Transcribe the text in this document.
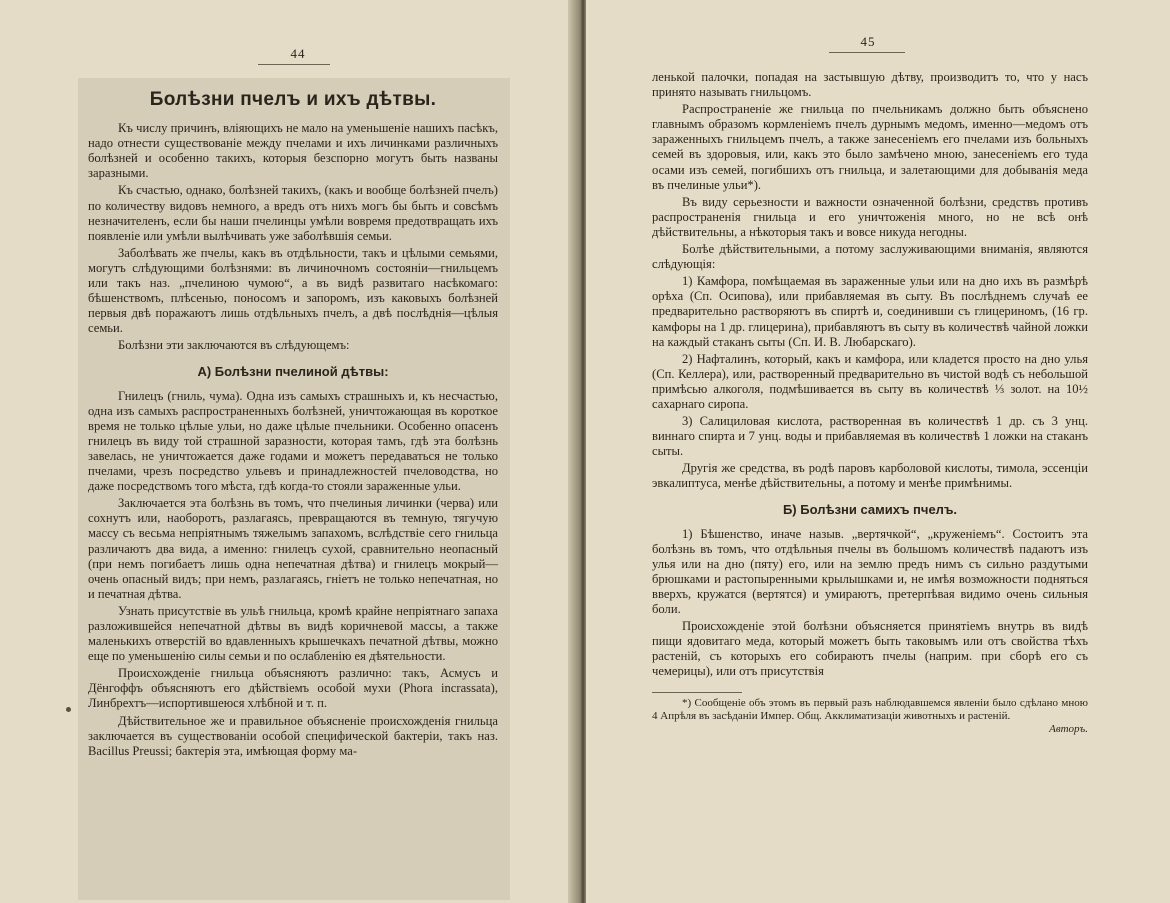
44
Болѣзни пчелъ и ихъ дѣтвы.

Къ числу причинъ, вліяющихъ не мало на уменьшеніе нашихъ пасѣкъ, надо отнести существованіе между пчелами и ихъ личинками различныхъ болѣзней и особенно такихъ, которыя безспорно могутъ быть названы заразными.

Къ счастью, однако, болѣзней такихъ, (какъ и вообще болѣзней пчелъ) по количеству видовъ немного, а вредъ отъ нихъ могъ бы быть и совсѣмъ незначителенъ, если бы наши пчелинцы умѣли вовремя предотвращать ихъ появленіе или умѣли вылѣчивать уже заболѣвшія семьи.

Заболѣвать же пчелы, какъ въ отдѣльности, такъ и цѣлыми семьями, могутъ слѣдующими болѣзнями: въ личиночномъ состояніи—гнильцемъ или такъ наз. „пчелиною чумою“, а въ видѣ развитаго насѣкомаго: бѣшенствомъ, плѣсенью, поносомъ и запоромъ, изъ каковыхъ болѣзней первыя двѣ поражаютъ лишь отдѣльныхъ пчелъ, а двѣ послѣднія—цѣлыя семьи.

Болѣзни эти заключаются въ слѣдующемъ:

А) Болѣзни пчелиной дѣтвы:

Гнилецъ (гниль, чума). Одна изъ самыхъ страшныхъ и, къ несчастью, одна изъ самыхъ распространенныхъ болѣзней, уничтожающая въ короткое время не только цѣлые ульи, но даже цѣлые пчельники. Особенно опасенъ гнилецъ въ виду той страшной заразности, которая тамъ, гдѣ эта болѣзнь завелась, не уничтожается даже годами и можетъ передаваться не только пчелами, чрезъ посредство ульевъ и принадлежностей пчеловодства, но даже посредствомъ того мѣста, гдѣ когда-то стояли зараженные ульи.

Заключается эта болѣзнь въ томъ, что пчелиныя личинки (черва) или сохнутъ или, наоборотъ, разлагаясь, превращаются въ темную, тягучую массу съ весьма непріятнымъ тяжелымъ запахомъ, вслѣдствіе сего гнильца различаютъ два вида, а именно: гнилецъ сухой, сравнительно неопасный (при немъ погибаетъ лишь одна непечатная дѣтва) и гнилецъ мокрый—очень опасный видъ; при немъ, разлагаясь, гніетъ не только непечатная, но и печатная дѣтва.

Узнать присутствіе въ ульѣ гнильца, кромѣ крайне непріятнаго запаха разложившейся непечатной дѣтвы въ видѣ коричневой массы, а также маленькихъ отверстій во вдавленныхъ крышечкахъ печатной дѣтвы, можно еще по уменьшенію силы семьи и по ослабленію ея дѣятельности.

Происхожденіе гнильца объясняютъ различно: такъ, Асмусъ и Дёнгоффъ объясняютъ его дѣйствіемъ особой мухи (Phora incrassata), Линбрехтъ—испортившеюся хлѣбной и т. п.

Дѣйствительное же и правильное объясненіе происхожденія гнильца заключается въ существованіи особой специфической бактеріи, такъ наз. Bacillus Preussi; бактерія эта, имѣющая форму ма-

45

ленькой палочки, попадая на застывшую дѣтву, производитъ то, что у насъ принято называть гнильцомъ.

Распространеніе же гнильца по пчельникамъ должно быть объяснено главнымъ образомъ кормленіемъ пчелъ дурнымъ медомъ, именно—медомъ отъ зараженныхъ гнильцемъ пчелъ, а также занесеніемъ его пчелами изъ больныхъ семей въ здоровыя, или, какъ это было замѣчено мною, занесеніемъ его туда осами изъ семей, погибшихъ отъ гнильца, и залетающими для добыванія меда въ пчелиные ульи*).

Въ виду серьезности и важности означенной болѣзни, средствъ противъ распространенія гнильца и его уничтоженія много, но не всѣ онѣ дѣйствительны, а нѣкоторыя такъ и вовсе никуда негодны.

Болѣе дѣйствительными, а потому заслуживающими вниманія, являются слѣдующія:

1) Камфора, помѣщаемая въ зараженные ульи или на дно ихъ въ размѣрѣ орѣха (Сп. Осипова), или прибавляемая въ сыту. Въ послѣднемъ случаѣ ее предварительно растворяютъ въ спиртѣ и, соединивши съ глицериномъ, (16 гр. камфоры на 1 др. глицерина), прибавляютъ въ сыту въ количествѣ чайной ложки на каждый стаканъ сыты (Сп. И. В. Любарскаго).

2) Нафталинъ, который, какъ и камфора, или кладется просто на дно улья (Сп. Келлера), или, растворенный предварительно въ чистой водѣ съ небольшой примѣсью алкоголя, подмѣшивается въ сыту въ количествѣ ⅓ золот. на 10½ сахарнаго сиропа.

3) Салициловая кислота, растворенная въ количествѣ 1 др. съ 3 унц. виннаго спирта и 7 унц. воды и прибавляемая въ количествѣ 1 ложки на стаканъ сыты.

Другія же средства, въ родѣ паровъ карболовой кислоты, тимола, эссенціи эвкалиптуса, менѣе дѣйствительны, а потому и менѣе примѣнимы.

Б) Болѣзни самихъ пчелъ.

1) Бѣшенство, иначе назыв. „вертячкой“, „круженіемъ“. Состоитъ эта болѣзнь въ томъ, что отдѣльныя пчелы въ большомъ количествѣ падаютъ изъ улья или на дно (пяту) его, или на землю предъ нимъ съ сильно раздутыми брюшками и растопыренными крылышками и, не имѣя возможности подняться вверхъ, кружатся (вертятся) и умираютъ, претерпѣвая видимо очень сильныя боли.

Происхожденіе этой болѣзни объясняется принятіемъ внутрь въ видѣ пищи ядовитаго меда, который можетъ быть таковымъ или отъ свойства тѣхъ растеній, съ которыхъ его собираютъ пчелы (наприм. при сборѣ его съ чемерицы), или отъ присутствія

*) Сообщеніе объ этомъ въ первый разъ наблюдавшемся явленіи было сдѣлано мною 4 Апрѣля въ засѣданіи Импер. Общ. Акклиматизаціи животныхъ и растеній.

Авторъ.
